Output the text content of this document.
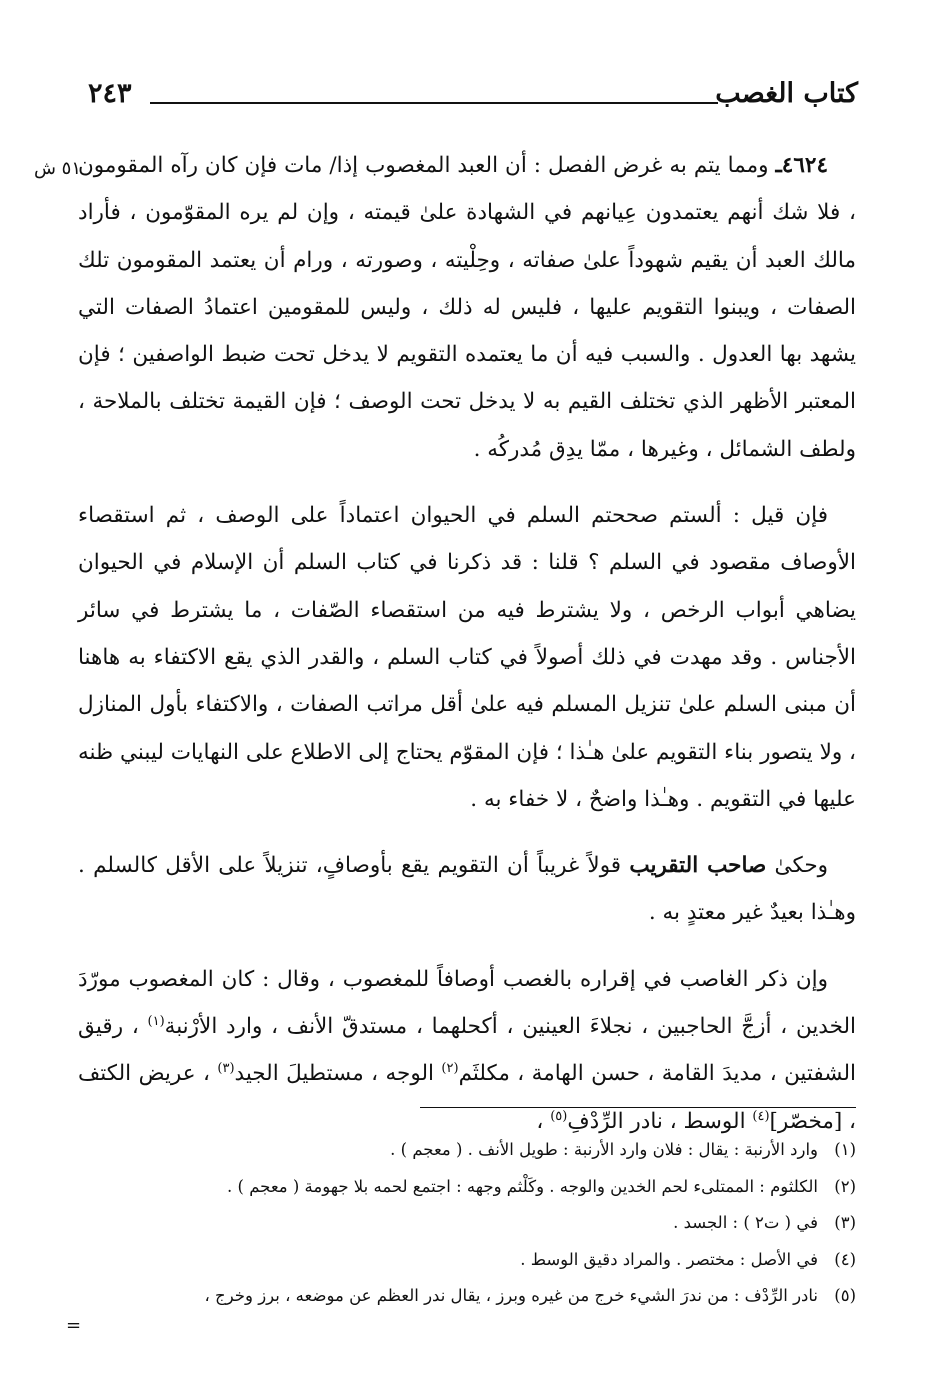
كتاب الغصب
٢٤٣
٥١ ش	٤٦٢٤ـ ومما يتم به غرض الفصل : أن العبد المغصوب إذا/ مات فإن كان رآه المقومون ، فلا شك أنهم يعتمدون عِيانهم في الشهادة علىٰ قيمته ، وإن لم يره المقوّمون ، فأراد مالك العبد أن يقيم شهوداً علىٰ صفاته ، وحِلْيته ، وصورته ، ورام أن يعتمد المقومون تلك الصفات ، ويبنوا التقويم عليها ، فليس له ذلك ، وليس للمقومين اعتمادُ الصفات التي يشهد بها العدول . والسبب فيه أن ما يعتمده التقويم لا يدخل تحت ضبط الواصفين ؛ فإن المعتبر الأظهر الذي تختلف القيم به لا يدخل تحت الوصف ؛ فإن القيمة تختلف بالملاحة ، ولطف الشمائل ، وغيرها ، ممّا يدِق مُدركُه .

فإن قيل : ألستم صححتم السلم في الحيوان اعتماداً على الوصف ، ثم استقصاء الأوصاف مقصود في السلم ؟ قلنا : قد ذكرنا في كتاب السلم أن الإسلام في الحيوان يضاهي أبواب الرخص ، ولا يشترط فيه من استقصاء الصّفات ، ما يشترط في سائر الأجناس . وقد مهدت في ذلك أصولاً في كتاب السلم ، والقدر الذي يقع الاكتفاء به هاهنا أن مبنى السلم علىٰ تنزيل المسلم فيه علىٰ أقل مراتب الصفات ، والاكتفاء بأول المنازل ، ولا يتصور بناء التقويم علىٰ هـٰذا ؛ فإن المقوّم يحتاج إلى الاطلاع على النهايات ليبني ظنه عليها في التقويم . وهـٰذا واضحٌ ، لا خفاء به .

وحكىٰ صاحب التقريب قولاً غريباً أن التقويم يقع بأوصافٍ، تنزيلاً على الأقل كالسلم . وهـٰذا بعيدٌ غير معتدٍ به .

وإن ذكر الغاصب في إقراره بالغصب أوصافاً للمغصوب ، وقال : كان المغصوب مورّدَ الخدين ، أزجَّ الحاجبين ، نجلاءَ العينين ، أكحلهما ، مستدقّ الأنف ، وارد الأرْنبة$^{(١)}$ ، رقيق الشفتين ، مديدَ القامة ، حسن الهامة ، مكلثَم$^{(٢)}$ الوجه ، مستطيلَ الجيد$^{(٣)}$ ، عريض الكتف ، [مخصّر]$^{(٤)}$ الوسط ، نادر الرِّدْفِ$^{(٥)}$ ،

(١)
وارد الأرنبة : يقال : فلان وارد الأرنبة : طويل الأنف . ( معجم ) .
(٢)
الكلثوم : الممتلىء لحم الخدين والوجه . وكَلْثم وجهه : اجتمع لحمه بلا جهومة ( معجم ) .
(٣)
في ( ت٢ ) : الجسد .
(٤)
في الأصل : مختصر . والمراد دقيق الوسط .
(٥)
نادر الرِّدْف : من ندرَ الشيء خرج من غيره وبرز ، يقال ندر العظم عن موضعه ، برز وخرج ،
=
